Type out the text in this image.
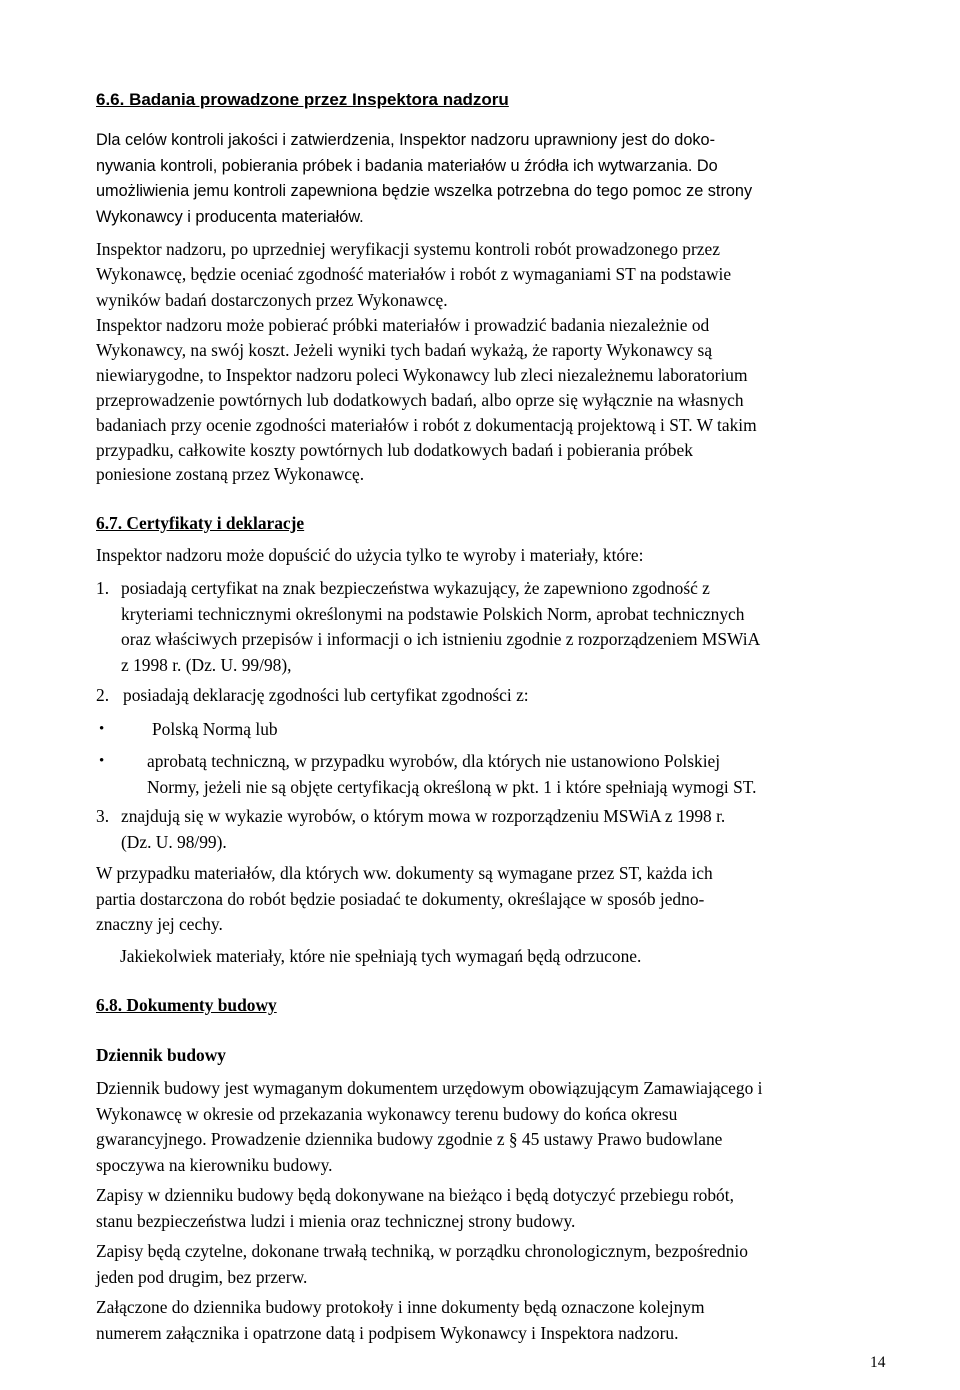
6.6. Badania prowadzone przez Inspektora nadzoru
Dla celów kontroli jakości i zatwierdzenia, Inspektor nadzoru uprawniony jest do doko-
nywania kontroli, pobierania próbek i badania materiałów u źródła ich wytwarzania. Do
umożliwienia jemu kontroli zapewniona będzie wszelka potrzebna do tego pomoc ze strony
Wykonawcy i producenta materiałów.
Inspektor nadzoru, po uprzedniej weryfikacji systemu kontroli robót prowadzonego przez
Wykonawcę, będzie oceniać zgodność materiałów i robót z wymaganiami ST na podstawie
wyników badań dostarczonych przez Wykonawcę.
Inspektor nadzoru może pobierać próbki materiałów i prowadzić badania niezależnie od
Wykonawcy, na swój koszt. Jeżeli wyniki tych badań wykażą, że raporty Wykonawcy są
niewiarygodne, to Inspektor nadzoru poleci Wykonawcy lub zleci niezależnemu laboratorium
przeprowadzenie powtórnych lub dodatkowych badań, albo oprze się wyłącznie na własnych
badaniach przy ocenie zgodności materiałów i robót z dokumentacją projektową i ST. W takim
przypadku, całkowite koszty powtórnych lub dodatkowych badań i pobierania próbek
poniesione zostaną przez Wykonawcę.
6.7. Certyfikaty i deklaracje
Inspektor nadzoru może dopuścić do użycia tylko te wyroby i materiały, które:
1. posiadają certyfikat na znak bezpieczeństwa wykazujący, że zapewniono zgodność z
kryteriami technicznymi określonymi na podstawie Polskich Norm, aprobat technicznych
oraz właściwych przepisów i informacji o ich istnieniu zgodnie z rozporządzeniem MSWiA
z 1998 r. (Dz. U. 99/98),
2. posiadają deklarację zgodności lub certyfikat zgodności z:
•	Polską Normą lub
• aprobatą techniczną, w przypadku wyrobów, dla których nie ustanowiono Polskiej
Normy, jeżeli nie są objęte certyfikacją określoną w pkt. 1 i które spełniają wymogi ST.
3. znajdują się w wykazie wyrobów, o którym mowa w rozporządzeniu MSWiA z 1998 r.
(Dz. U. 98/99).
W przypadku materiałów, dla których ww. dokumenty są wymagane przez ST, każda ich
partia dostarczona do robót będzie posiadać te dokumenty, określające w sposób jedno-
znaczny jej cechy.
Jakiekolwiek materiały, które nie spełniają tych wymagań będą odrzucone.
6.8. Dokumenty budowy
Dziennik budowy
Dziennik budowy jest wymaganym dokumentem urzędowym obowiązującym Zamawiającego i
Wykonawcę w okresie od przekazania wykonawcy terenu budowy do końca okresu
gwarancyjnego. Prowadzenie dziennika budowy zgodnie z § 45 ustawy Prawo budowlane
spoczywa na kierowniku budowy.
Zapisy w dzienniku budowy będą dokonywane na bieżąco i będą dotyczyć przebiegu robót,
stanu bezpieczeństwa ludzi i mienia oraz technicznej strony budowy.
Zapisy będą czytelne, dokonane trwałą techniką, w porządku chronologicznym, bezpośrednio
jeden pod drugim, bez przerw.
Załączone do dziennika budowy protokoły i inne dokumenty będą oznaczone kolejnym
numerem załącznika i opatrzone datą i podpisem Wykonawcy i Inspektora nadzoru.
14
